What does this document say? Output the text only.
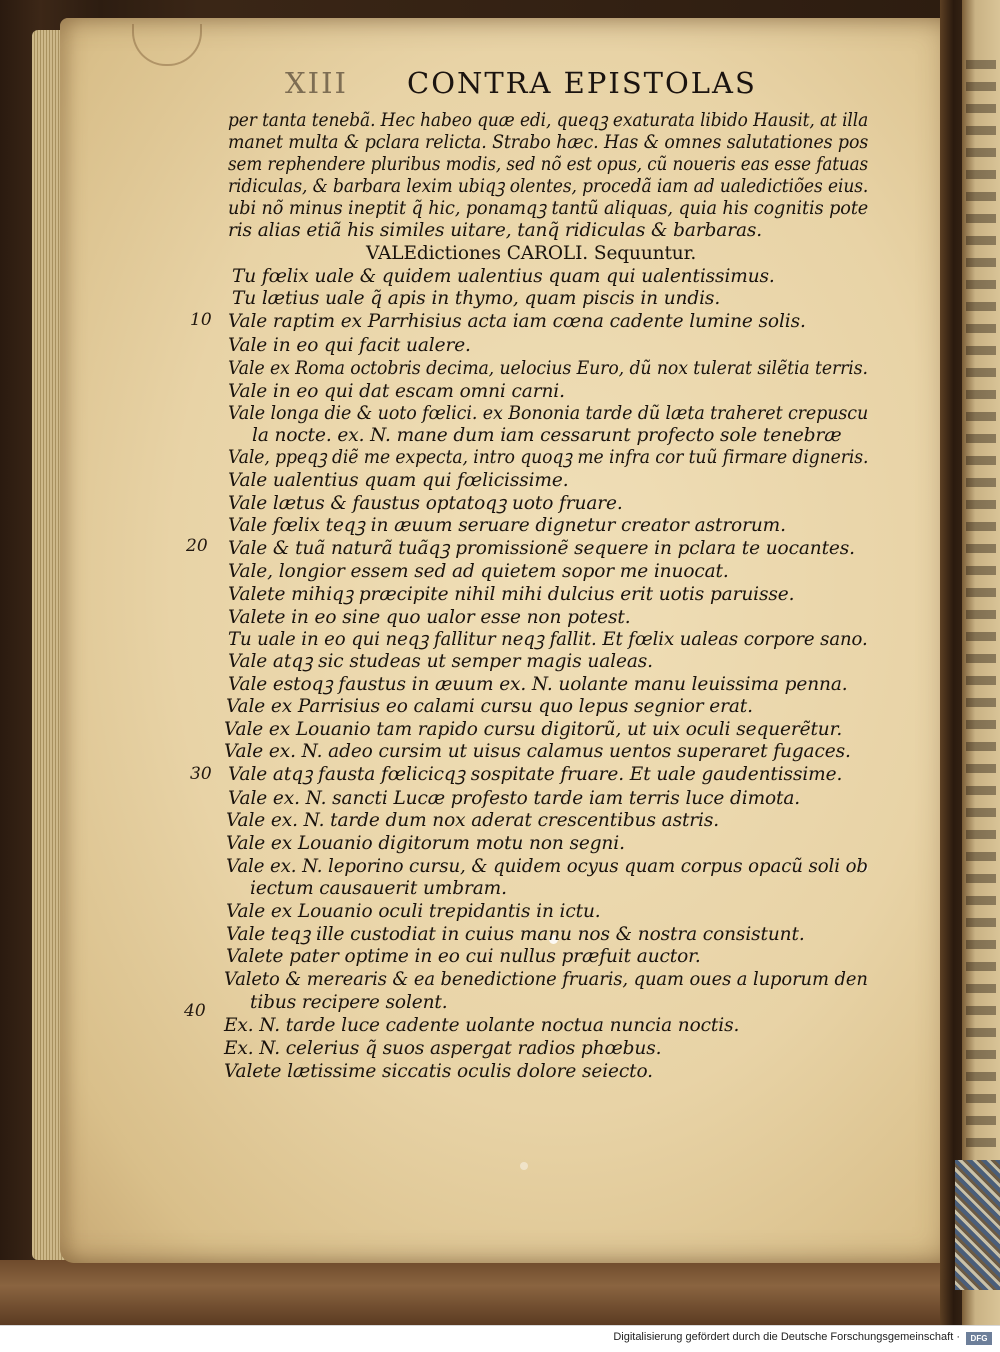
XIII CONTRA EPISTOLAS

per tanta tenebã. Hec habeo quæ edi, queqꝫ exaturata libido Hausit, at illa

manet multa & pclara relicta. Strabo hæc. Has & omnes salutationes pos

sem rephendere pluribus modis, sed nõ est opus, cũ noueris eas esse fatuas

ridiculas, & barbara lexim ubiqꝫ olentes, procedã iam ad ualedictiões eius.

ubi nõ minus ineptit q̃ hic, ponamqꝫ tantũ aliquas, quia his cognitis pote

ris alias etiã his similes uitare, tanq̃ ridiculas & barbaras.

VALEdictiones CAROLI. Sequuntur.

Tu fœlix uale & quidem ualentius quam qui ualentissimus.

Tu lætius uale q̃ apis in thymo, quam piscis in undis.

Vale raptim ex Parrhisius acta iam cœna cadente lumine solis.

Vale in eo qui facit ualere.

Vale ex Roma octobris decima, uelocius Euro, dũ nox tulerat silẽtia terris.

Vale in eo qui dat escam omni carni.

Vale longa die & uoto fœlici. ex Bononia tarde dũ læta traheret crepuscu

la nocte. ex. N. mane dum iam cessarunt profecto sole tenebræ

Vale, ppeqꝫ diẽ me expecta, intro quoqꝫ me infra cor tuũ firmare digneris.

Vale ualentius quam qui fœlicissime.

Vale lætus & faustus optatoqꝫ uoto fruare.

Vale fœlix teqꝫ in æuum seruare dignetur creator astrorum.

Vale & tuã naturã tuãqꝫ promissionẽ sequere in pclara te uocantes.

Vale, longior essem sed ad quietem sopor me inuocat.

Valete mihiqꝫ præcipite nihil mihi dulcius erit uotis paruisse.

Valete in eo sine quo ualor esse non potest.

Tu uale in eo qui neqꝫ fallitur neqꝫ fallit. Et fœlix ualeas corpore sano.

Vale atqꝫ sic studeas ut semper magis ualeas.

Vale estoqꝫ faustus in æuum ex. N. uolante manu leuissima penna.

Vale ex Parrisius eo calami cursu quo lepus segnior erat.

Vale ex Louanio tam rapido cursu digitorũ, ut uix oculi sequerẽtur.

Vale ex. N. adeo cursim ut uisus calamus uentos superaret fugaces.

Vale atqꝫ fausta fœlicicqꝫ sospitate fruare. Et uale gaudentissime.

Vale ex. N. sancti Lucæ profesto tarde iam terris luce dimota.

Vale ex. N. tarde dum nox aderat crescentibus astris.

Vale ex Louanio digitorum motu non segni.

Vale ex. N. leporino cursu, & quidem ocyus quam corpus opacũ soli ob

iectum causauerit umbram.

Vale ex Louanio oculi trepidantis in ictu.

Vale teqꝫ ille custodiat in cuius manu nos & nostra consistunt.

Valete pater optime in eo cui nullus præfuit auctor.

Valeto & merearis & ea benedictione fruaris, quam oues a luporum den

tibus recipere solent.

Ex. N. tarde luce cadente uolante noctua nuncia noctis.

Ex. N. celerius q̃ suos aspergat radios phœbus.

Valete lætissime siccatis oculis dolore seiecto.

10
20
30
40
Digitalisierung gefördert durch die Deutsche Forschungsgemeinschaft ·	DFG
